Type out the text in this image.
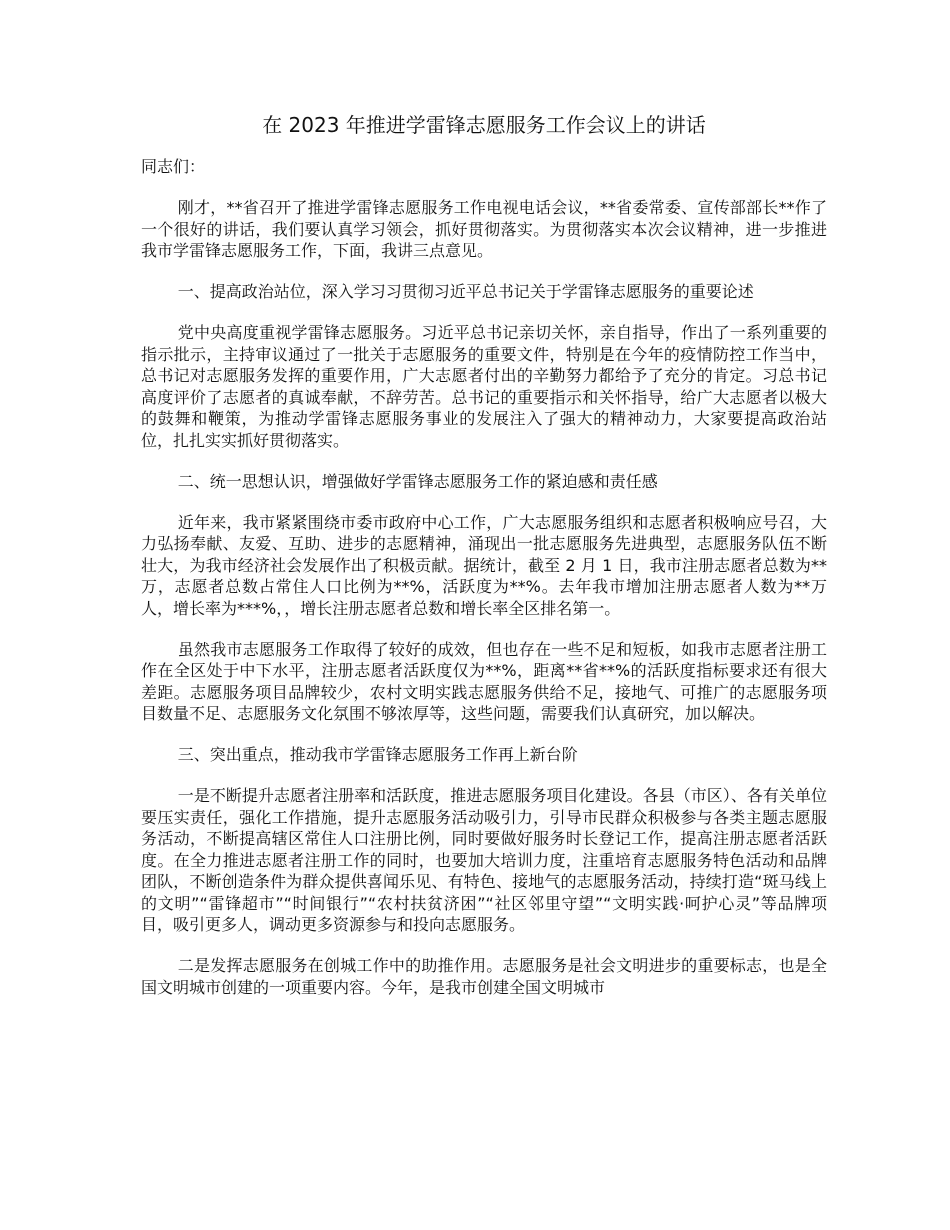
在 2023 年推进学雷锋志愿服务工作会议上的讲话

同志们：

刚才，**省召开了推进学雷锋志愿服务工作电视电话会议，**省委常委、宣传部部长**作了一个很好的讲话，我们要认真学习领会，抓好贯彻落实。为贯彻落实本次会议精神，进一步推进我市学雷锋志愿服务工作，下面，我讲三点意见。

一、提高政治站位，深入学习习贯彻习近平总书记关于学雷锋志愿服务的重要论述

党中央高度重视学雷锋志愿服务。习近平总书记亲切关怀，亲自指导，作出了一系列重要的指示批示，主持审议通过了一批关于志愿服务的重要文件，特别是在今年的疫情防控工作当中，总书记对志愿服务发挥的重要作用，广大志愿者付出的辛勤努力都给予了充分的肯定。习总书记高度评价了志愿者的真诚奉献，不辞劳苦。总书记的重要指示和关怀指导，给广大志愿者以极大的鼓舞和鞭策，为推动学雷锋志愿服务事业的发展注入了强大的精神动力，大家要提高政治站位，扎扎实实抓好贯彻落实。

二、统一思想认识，增强做好学雷锋志愿服务工作的紧迫感和责任感

近年来，我市紧紧围绕市委市政府中心工作，广大志愿服务组织和志愿者积极响应号召，大力弘扬奉献、友爱、互助、进步的志愿精神，涌现出一批志愿服务先进典型，志愿服务队伍不断壮大，为我市经济社会发展作出了积极贡献。据统计，截至 2 月 1 日，我市注册志愿者总数为**万，志愿者总数占常住人口比例为**%，活跃度为**%。去年我市增加注册志愿者人数为**万人，增长率为***%，，增长注册志愿者总数和增长率全区排名第一。

虽然我市志愿服务工作取得了较好的成效，但也存在一些不足和短板，如我市志愿者注册工作在全区处于中下水平，注册志愿者活跃度仅为**%，距离**省**%的活跃度指标要求还有很大差距。志愿服务项目品牌较少，农村文明实践志愿服务供给不足，接地气、可推广的志愿服务项目数量不足、志愿服务文化氛围不够浓厚等，这些问题，需要我们认真研究，加以解决。

三、突出重点，推动我市学雷锋志愿服务工作再上新台阶

一是不断提升志愿者注册率和活跃度，推进志愿服务项目化建设。各县（市区）、各有关单位要压实责任，强化工作措施，提升志愿服务活动吸引力，引导市民群众积极参与各类主题志愿服务活动，不断提高辖区常住人口注册比例，同时要做好服务时长登记工作，提高注册志愿者活跃度。在全力推进志愿者注册工作的同时，也要加大培训力度，注重培育志愿服务特色活动和品牌团队，不断创造条件为群众提供喜闻乐见、有特色、接地气的志愿服务活动，持续打造“斑马线上的文明”“雷锋超市”“时间银行”“农村扶贫济困”“社区邻里守望”“文明实践·呵护心灵”等品牌项目，吸引更多人，调动更多资源参与和投向志愿服务。

二是发挥志愿服务在创城工作中的助推作用。志愿服务是社会文明进步的重要标志，也是全国文明城市创建的一项重要内容。今年，是我市创建全国文明城市
